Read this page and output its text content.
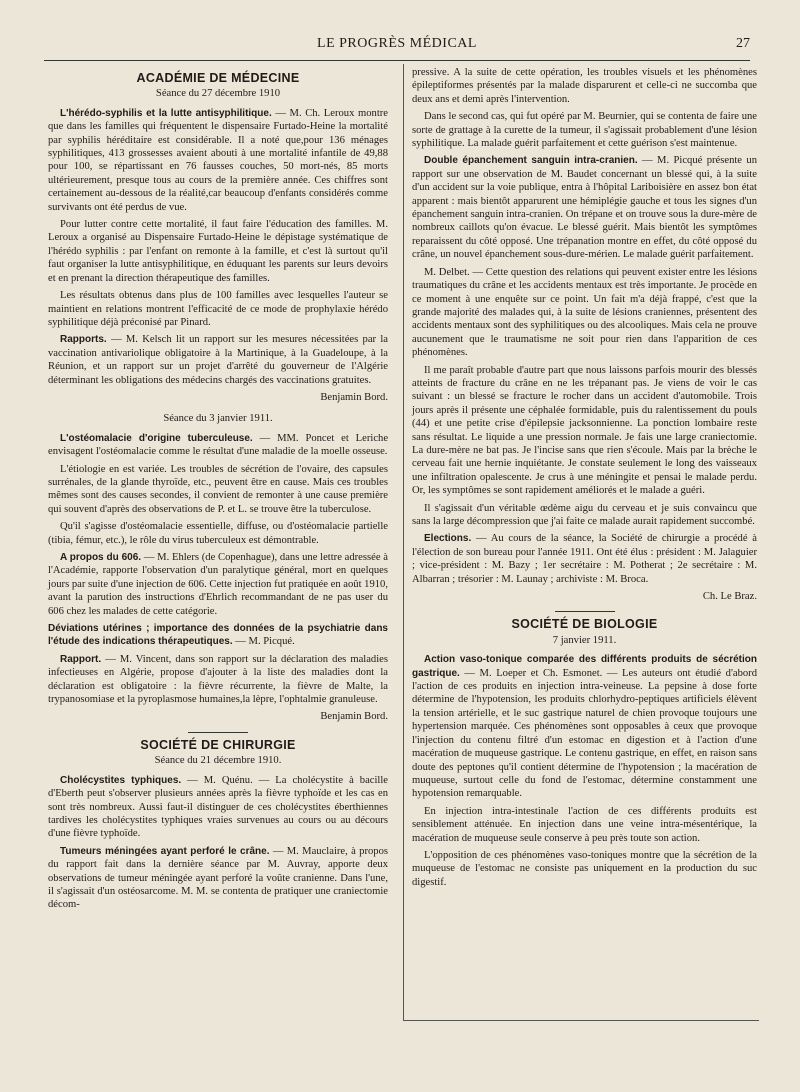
LE PROGRÈS MÉDICAL	27
ACADÉMIE DE MÉDECINE
Séance du 27 décembre 1910

L'hérédo-syphilis et la lutte antisyphilitique. — M. Ch. Leroux montre que dans les familles qui fréquentent le dispensaire Furtado-Heine la mortalité par syphilis héréditaire est considérable. Il a noté que,pour 136 ménages syphilitiques, 413 grossesses avaient abouti à une mortalité infantile de 49,88 pour 100, se répartissant en 76 fausses couches, 50 mort-nés, 85 morts ultérieurement, presque tous au cours de la première année. Ces chiffres sont certainement au-dessous de la réalité,car beaucoup d'enfants considérés comme survivants ont été perdus de vue.

Pour lutter contre cette mortalité, il faut faire l'éducation des familles. M. Leroux a organisé au Dispensaire Furtado-Heine le dépistage systématique de l'hérédo syphilis : par l'enfant on remonte à la famille, et c'est là surtout qu'il faut organiser la lutte antisyphilitique, en éduquant les parents sur leurs devoirs et en prenant la direction thérapeutique des familles.

Les résultats obtenus dans plus de 100 familles avec lesquelles l'auteur se maintient en relations montrent l'efficacité de ce mode de prophylaxie hérédo syphilitique déjà préconisé par Pinard.

Rapports. — M. Kelsch lit un rapport sur les mesures nécessitées par la vaccination antivariolique obligatoire à la Martinique, à la Guadeloupe, à la Réunion, et un rapport sur un projet d'arrêté du gouverneur de l'Algérie déterminant les obligations des médecins chargés des vaccinations gratuites.

Benjamin Bord.

Séance du 3 janvier 1911.

L'ostéomalacie d'origine tuberculeuse. — MM. Poncet et Leriche envisagent l'ostéomalacie comme le résultat d'une maladie de la moelle osseuse.

L'étiologie en est variée. Les troubles de sécrétion de l'ovaire, des capsules surrénales, de la glande thyroïde, etc., peuvent être en cause. Mais ces troubles mêmes sont des causes secondes, il convient de remonter à une cause première qui souvent d'après des observations de P. et L. se trouve être la tuberculose.

Qu'il s'agisse d'ostéomalacie essentielle, diffuse, ou d'ostéomalacie partielle (tibia, fémur, etc.), le rôle du virus tuberculeux est démontrable.

A propos du 606. — M. Ehlers (de Copenhague), dans une lettre adressée à l'Académie, rapporte l'observation d'un paralytique général, mort en quelques jours par suite d'une injection de 606. Cette injection fut pratiquée en août 1910, avant la parution des instructions d'Ehrlich recommandant de ne pas user du 606 chez les malades de cette catégorie.

Déviations utérines ; importance des données de la psychiatrie dans l'étude des indications thérapeutiques. — M. Picqué.

Rapport. — M. Vincent, dans son rapport sur la déclaration des maladies infectieuses en Algérie, propose d'ajouter à la liste des maladies dont la déclaration est obligatoire : la fièvre récurrente, la fièvre de Malte, la trypanosomiase et la pyroplasmose humaines,la lèpre, l'ophtalmie granuleuse.

Benjamin Bord.

SOCIÉTÉ DE CHIRURGIE
Séance du 21 décembre 1910.

Cholécystites typhiques. — M. Quénu. — La cholécystite à bacille d'Eberth peut s'observer plusieurs années après la fièvre typhoïde et les cas en sont très nombreux. Aussi faut-il distinguer de ces cholécystites éberthiennes tardives les cholécystites typhiques vraies survenues au cours ou au décours d'une fièvre typhoïde.

Tumeurs méningées ayant perforé le crâne. — M. Mauclaire, à propos du rapport fait dans la dernière séance par M. Auvray, apporte deux observations de tumeur méningée ayant perforé la voûte cranienne. Dans l'une, il s'agissait d'un ostéosarcome. M. M. se contenta de pratiquer une craniectomie décom-

pressive. A la suite de cette opération, les troubles visuels et les phénomènes épileptiformes présentés par la malade disparurent et celle-ci ne succomba que deux ans et demi après l'intervention.

Dans le second cas, qui fut opéré par M. Beurnier, qui se contenta de faire une sorte de grattage à la curette de la tumeur, il s'agissait probablement d'une lésion syphilitique. La malade guérit parfaitement et cette guérison s'est maintenue.

Double épanchement sanguin intra-cranien. — M. Picqué présente un rapport sur une observation de M. Baudet concernant un blessé qui, à la suite d'un accident sur la voie publique, entra à l'hôpital Lariboisière en assez bon état apparent : mais bientôt apparurent une hémiplégie gauche et tous les signes d'un épanchement sanguin intra-cranien. On trépane et on trouve sous la dure-mère de nombreux caillots qu'on évacue. Le blessé guérit. Mais bientôt les symptômes reparaissent du côté opposé. Une trépanation montre en effet, du côté opposé du crâne, un nouvel épanchement sous-dure-mérien. Le malade guérit parfaitement.

M. Delbet. — Cette question des relations qui peuvent exister entre les lésions traumatiques du crâne et les accidents mentaux est très importante. Je procède en ce moment à une enquête sur ce point. Un fait m'a déjà frappé, c'est que la grande majorité des malades qui, à la suite de lésions craniennes, présentent des accidents mentaux sont des syphilitiques ou des alcooliques. Mais cela ne prouve aucunement que le traumatisme ne soit pour rien dans l'apparition de ces phénomènes.

Il me paraît probable d'autre part que nous laissons parfois mourir des blessés atteints de fracture du crâne en ne les trépanant pas. Je viens de voir le cas suivant : un blessé se fracture le rocher dans un accident d'automobile. Trois jours après il présente une céphalée formidable, puis du ralentissement du pouls (44) et une petite crise d'épilepsie jacksonnienne. La ponction lombaire reste sans résultat. Le liquide a une pression normale. Je fais une large craniectomie. La dure-mère ne bat pas. Je l'incise sans que rien s'écoule. Mais par la brèche le cerveau fait une hernie inquiétante. Je constate seulement le long des vaisseaux une infiltration opalescente. Je crus à une méningite et pensai le malade perdu. Or, les symptômes se sont rapidement améliorés et le malade a guéri.

Il s'agissait d'un véritable œdème aigu du cerveau et je suis convaincu que sans la large décompression que j'ai faite ce malade aurait rapidement succombé.

Elections. — Au cours de la séance, la Société de chirurgie a procédé à l'élection de son bureau pour l'année 1911. Ont été élus : président : M. Jalaguier ; vice-président : M. Bazy ; 1er secrétaire : M. Potherat ; 2e secrétaire : M. Albarran ; trésorier : M. Launay ; archiviste : M. Broca.

Ch. Le Braz.

SOCIÉTÉ DE BIOLOGIE
7 janvier 1911.

Action vaso-tonique comparée des différents produits de sécrétion gastrique. — M. Loeper et Ch. Esmonet. — Les auteurs ont étudié d'abord l'action de ces produits en injection intra-veineuse. La pepsine à dose forte détermine de l'hypotension, les produits chlorhydro-peptiques artificiels élèvent la tension artérielle, et le suc gastrique naturel de chien provoque toujours une hypertension marquée. Ces phénomènes sont opposables à ceux que provoque l'injection du contenu filtré d'un estomac en digestion et à l'action d'une macération de muqueuse gastrique. Le contenu gastrique, en effet, en raison sans doute des peptones qu'il contient détermine de l'hypotension ; la macération de muqueuse, surtout celle du fond de l'estomac, détermine constamment une hypotension remarquable.

En injection intra-intestinale l'action de ces différents produits est sensiblement atténuée. En injection dans une veine intra-mésentérique, la macération de muqueuse seule conserve à peu près toute son action.

L'opposition de ces phénomènes vaso-toniques montre que la sécrétion de la muqueuse de l'estomac ne consiste pas uniquement en la production du suc digestif.
